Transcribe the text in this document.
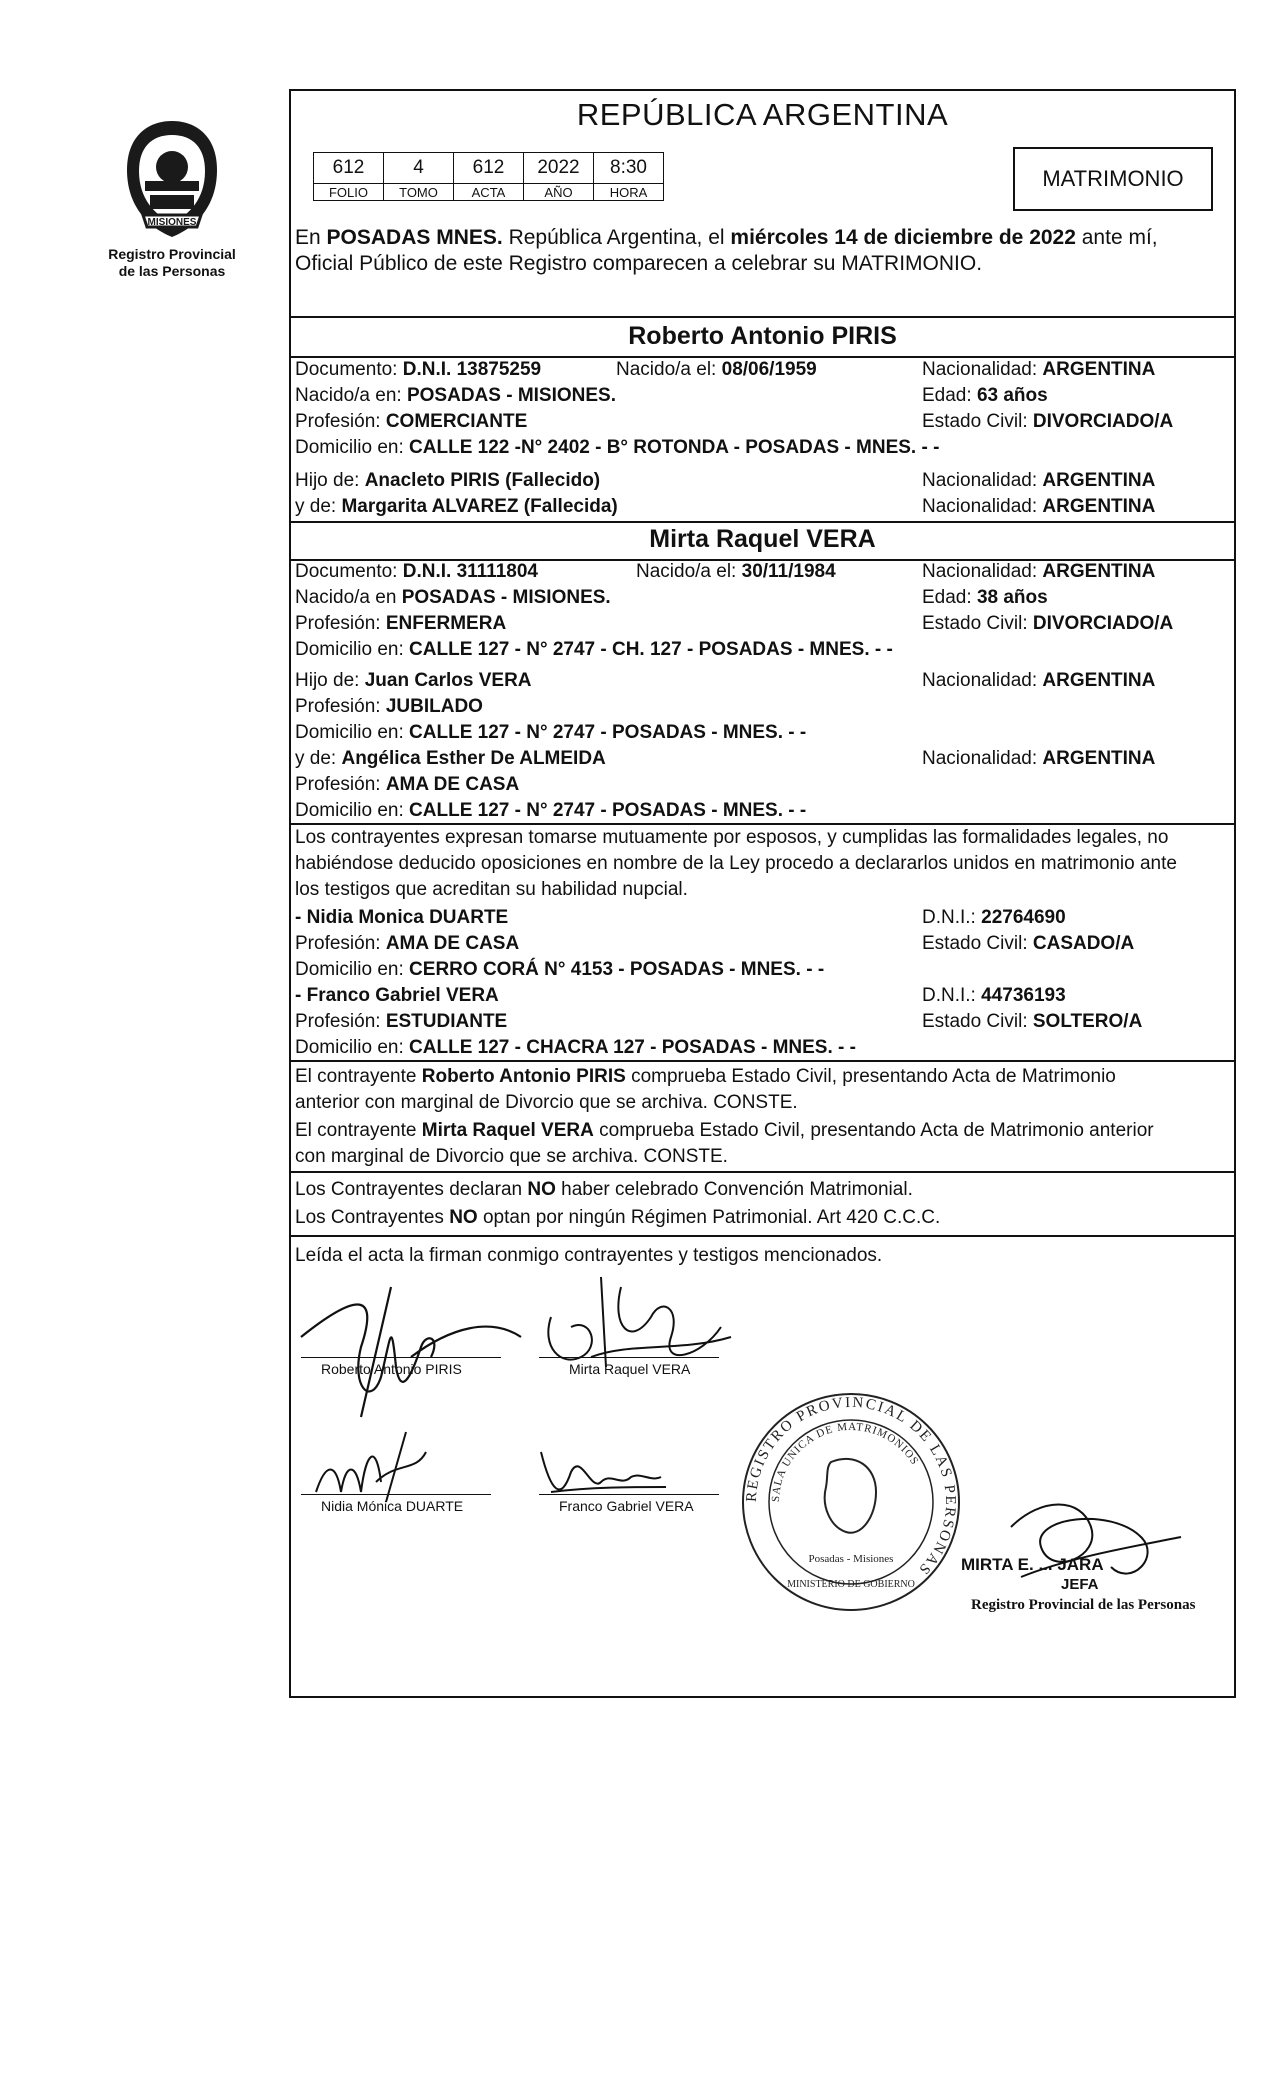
MISIONES
Registro Provincial
de las Personas
REPÚBLICA ARGENTINA
612	4	612	2022	8:30
FOLIO	TOMO	ACTA	AÑO	HORA
MATRIMONIO
En POSADAS MNES. República Argentina, el miércoles 14 de diciembre de 2022 ante mí,
Oficial Público de este Registro comparecen a celebrar su MATRIMONIO.
Roberto Antonio PIRIS
Documento: D.N.I. 13875259	Nacido/a el: 08/06/1959	Nacionalidad: ARGENTINA
Nacido/a en: POSADAS - MISIONES.	Edad: 63 años
Profesión: COMERCIANTE	Estado Civil: DIVORCIADO/A
Domicilio en: CALLE 122 -N° 2402 - B° ROTONDA - POSADAS - MNES. - -
Hijo de: Anacleto PIRIS (Fallecido)	Nacionalidad: ARGENTINA
y de: Margarita ALVAREZ (Fallecida)	Nacionalidad: ARGENTINA
Mirta Raquel VERA
Documento: D.N.I. 31111804	Nacido/a el: 30/11/1984	Nacionalidad: ARGENTINA
Nacido/a en POSADAS - MISIONES.	Edad: 38 años
Profesión: ENFERMERA	Estado Civil: DIVORCIADO/A
Domicilio en: CALLE 127 - N° 2747 - CH. 127 - POSADAS - MNES. - -
Hijo de: Juan Carlos VERA	Nacionalidad: ARGENTINA
Profesión: JUBILADO
Domicilio en: CALLE 127 - N° 2747 - POSADAS - MNES. - -
y de: Angélica Esther De ALMEIDA	Nacionalidad: ARGENTINA
Profesión: AMA DE CASA
Domicilio en: CALLE 127 - N° 2747 - POSADAS - MNES. - -
Los contrayentes expresan tomarse mutuamente por esposos, y cumplidas las formalidades legales, no
habiéndose deducido oposiciones en nombre de la Ley procedo a declararlos unidos en matrimonio ante
los testigos que acreditan su habilidad nupcial.
- Nidia Monica DUARTE	D.N.I.: 22764690
Profesión: AMA DE CASA	Estado Civil: CASADO/A
Domicilio en: CERRO CORÁ N° 4153 - POSADAS - MNES. - -
- Franco Gabriel VERA	D.N.I.: 44736193
Profesión: ESTUDIANTE	Estado Civil: SOLTERO/A
Domicilio en: CALLE 127 - CHACRA 127 - POSADAS - MNES. - -
El contrayente Roberto Antonio PIRIS comprueba Estado Civil, presentando Acta de Matrimonio
anterior con marginal de Divorcio que se archiva. CONSTE.
El contrayente Mirta Raquel VERA comprueba Estado Civil, presentando Acta de Matrimonio anterior
con marginal de Divorcio que se archiva. CONSTE.
Los Contrayentes declaran NO haber celebrado Convención Matrimonial.
Los Contrayentes NO optan por ningún Régimen Patrimonial. Art 420 C.C.C.
Leída el acta la firman conmigo contrayentes y testigos mencionados.
Roberto Antonio PIRIS	Mirta Raquel VERA
Nidia Mónica DUARTE	Franco Gabriel VERA
REGISTRO PROVINCIAL DE LAS PERSONAS
SALA UNICA DE MATRIMONIOS
Posadas - Misiones
MINISTERIO DE GOBIERNO
MIRTA E. ... JARA
JEFA
Registro Provincial de las Personas
